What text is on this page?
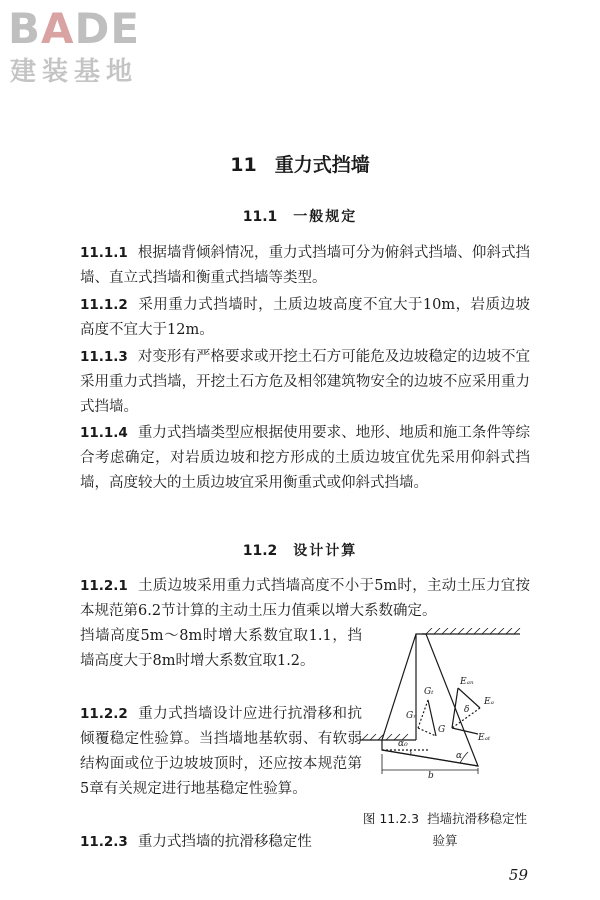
BADE
建装基地
11 重力式挡墙
11.1 一般规定
11.1.1 根据墙背倾斜情况，重力式挡墙可分为俯斜式挡墙、仰斜式挡墙、直立式挡墙和衡重式挡墙等类型。
11.1.2 采用重力式挡墙时，土质边坡高度不宜大于10m，岩质边坡高度不宜大于12m。
11.1.3 对变形有严格要求或开挖土石方可能危及边坡稳定的边坡不宜采用重力式挡墙，开挖土石方危及相邻建筑物安全的边坡不应采用重力式挡墙。
11.1.4 重力式挡墙类型应根据使用要求、地形、地质和施工条件等综合考虑确定，对岩质边坡和挖方形成的土质边坡宜优先采用仰斜式挡墙，高度较大的土质边坡宜采用衡重式或仰斜式挡墙。
11.2 设计计算
11.2.1 土质边坡采用重力式挡墙高度不小于5m时，主动土压力宜按本规范第6.2节计算的主动土压力值乘以增大系数确定。
挡墙高度5m～8m时增大系数宜取1.1，挡墙高度大于8m时增大系数宜取1.2。
11.2.2 重力式挡墙设计应进行抗滑移和抗倾覆稳定性验算。当挡墙地基软弱、有软弱结构面或位于边坡坡顶时，还应按本规范第5章有关规定进行地基稳定性验算。
11.2.3 重力式挡墙的抗滑移稳定性
Gₜ
Gₙ
G
Eₐₙ
Eₐ
δ
Eₐₜ
α₀
α
b
图 11.2.3 挡墙抗滑移稳定性验算
59
